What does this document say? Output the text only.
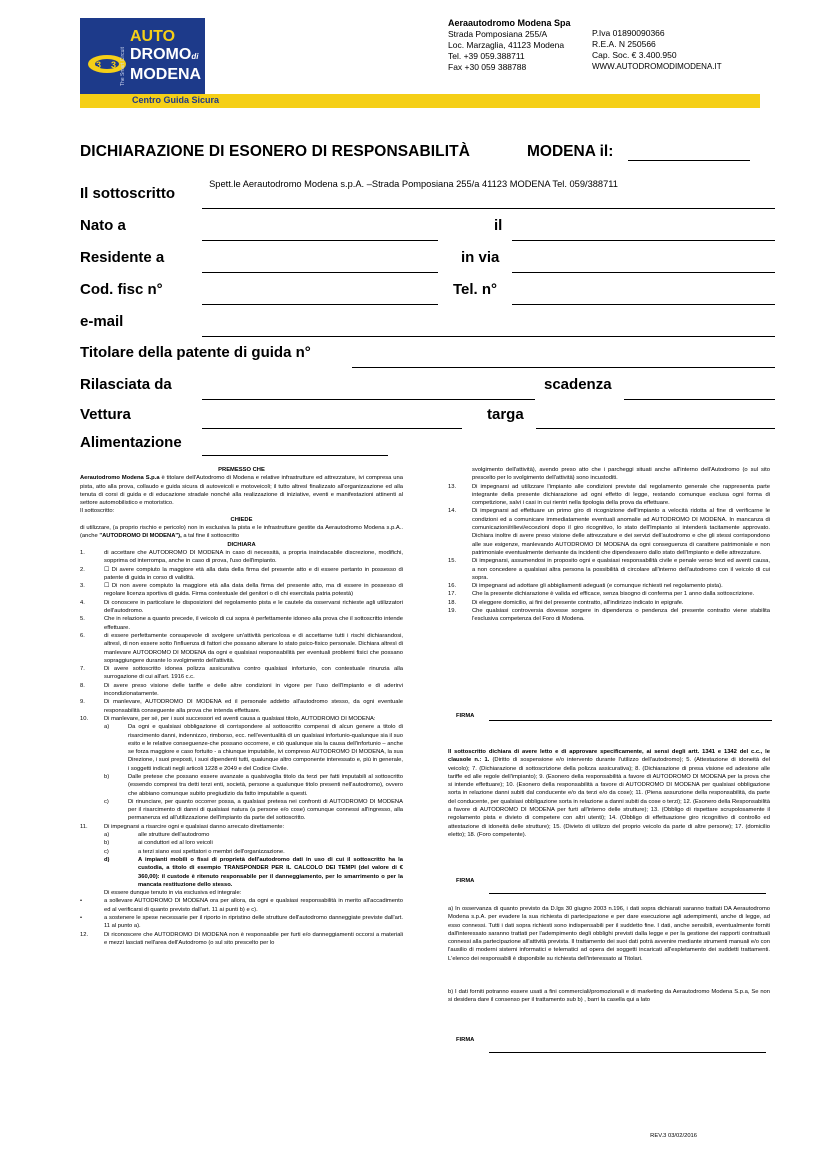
3 3 The Smart Circuit
AUTO
DROMOdi
MODENA
Centro Guida Sicura
Aeraautodromo Modena Spa
Strada Pomposiana 255/A
Loc. Marzaglia, 41123 Modena
Tel. +39 059.388711
Fax +30 059 388788
P.Iva 01890090366
R.E.A. N 250566
Cap. Soc. € 3.400.950
WWW.AUTODROMODIMODENA.IT
DICHIARAZIONE DI ESONERO DI RESPONSABILITÀ	MODENA il:
Spett.le Aerautodromo Modena s.p.A. –Strada Pomposiana 255/a 41123 MODENA Tel. 059/388711
Il sottoscritto
Nato a	il
Residente a	in via
Cod. fisc n°	Tel. n°
e-mail
Titolare della patente di guida n°
Rilasciata da	scadenza
Vettura	targa
Alimentazione

PREMESSO CHE

Aerautodromo Modena S.p.a è titolare dell'Autodromo di Modena e relative infrastrutture ed attrezzature, ivi compresa una pista, atto alla prova, collaudo e guida sicura di autoveicoli e motoveicoli; il tutto altresì finalizzato all'organizzazione ed alla tenuta di corsi di guida e di educazione stradale nonché alla realizzazione di iniziative, eventi e manifestazioni attinenti al settore automobilistico e motoristico.

Il sottoscritto:

CHIEDE

di utilizzare, (a proprio rischio e pericolo) non in esclusiva la pista e le infrastrutture gestite da Aerautodromo Modena s.p.A.. (anche "AUTODROMO DI MODENA"), a tal fine il sottoscritto

DICHIARA

1.	di accettare che AUTODROMO DI MODENA in caso di necessità, a propria insindacabile discrezione, modifichi, sopprima od interrompa, anche in caso di prova, l'uso dell'impianto.
2.	☐ Di avere compiuto la maggiore età alla data della firma del presente atto e di essere pertanto in possesso di patente di guida in corso di validità.
3.	☐ Di non avere compiuto la maggiore età alla data della firma del presente atto, ma di essere in possesso di regolare licenza sportiva di guida. Firma contestuale del genitori o di chi esercitala patria potestà)
4.	Di conoscere in particolare le disposizioni del regolamento pista e le cautele da osservarsi richieste agli utilizzatori dell'autodromo.
5.	Che in relazione a quanto precede, il veicolo di cui sopra è perfettamente idoneo alla prova che il sottoscritto intende effettuare.
6.	di essere perfettamente consapevole di svolgere un'attività pericolosa e di accettarne tutti i rischi dichiarandosi, altresì, di non essere sotto l'influenza di fattori che possano alterare lo stato psico-fisico personale. Dichiara altresì di manlevare AUTODROMO DI MODENA da ogni e qualsiasi responsabilità per eventuali problemi fisici che possano sopraggiungere durante lo svolgimento dell'attività.
7.	Di avere sottoscritto idonea polizza assicurativa contro qualsiasi infortunio, con contestuale rinunzia alla surrogazione di cui all'art. 1916 c.c.
8.	Di avere preso visione delle tariffe e delle altre condizioni in vigore per l'uso dell'Impianto e di aderirvi incondizionatamente.
9.	Di manlevare, AUTODROMO DI MODENA ed il personale addetto all'autodromo stesso, da ogni eventuale responsabilità conseguente alla prova che intenda effettuare.
10.	Di manlevare, per sé, per i suoi successori ed aventi causa a qualsiasi titolo, AUTODROMO DI MODENA:
a)	Da ogni e qualsiasi obbligazione di corrispondere al sottoscritto compensi di alcun genere a titolo di risarcimento danni, indennizzo, rimborso, ecc. nell'eventualità di un qualsiasi infortunio-qualunque sia il suo esito e le relative conseguenze-che possano occorrere, e ciò qualunque sia la causa dell'infortunio – anche se forza maggiore e caso fortuito - a chiunque imputabile, ivi compreso AUTODROMO DI MODENA, la sua Direzione, i suoi preposti, i suoi dipendenti tutti, qualunque altro componente interessato e, più in generale, i soggetti indicati negli articoli 1228 e 2049 e del Codice Civile.
b)	Dalle pretese che possano essere avanzate a qualsivoglia titolo da terzi per fatti imputabili al sottoscritto (essendo compresi tra detti terzi enti, società, persone a qualunque titolo presenti nell'autodromo), ovvero che abbiano comunque subito pregiudizio da fatto imputabile a questi.
c)	Di rinunciare, per quanto occorrer possa, a qualsiasi pretesa nei confronti di AUTODROMO DI MODENA per il risarcimento di danni di qualsiasi natura (a persone e/o cose) comunque connessi all'ingresso, alla permanenza ed all'utilizzazione dell'impianto da parte del sottoscritto.
11.	Di impegnarsi a risarcire ogni e qualsiasi danno arrecato direttamente:
a)	alle strutture dell'autodromo
b)	ai conduttori ed al loro veicoli
c)	a terzi siano essi spettatori o membri dell'organizzazione.
d)	A impianti mobili o fissi di proprietà dell'autodromo dati in uso di cui il sottoscritto ha la custodia, a titolo di esempio TRANSPONDER PER IL CALCOLO DEI TEMPI (del valore di € 360,00): il custode è ritenuto responsabile per il danneggiamento, per lo smarrimento o per la mancata restituzione dello stesso.

Di essere dunque tenuto in via esclusiva ed integrale:

•	a sollevare AUTODROMO DI MODENA ora per allora, da ogni e qualsiasi responsabilità in merito all'accadimento ed al verificarsi di quanto previsto dall'art. 11 ai punti b) e c).
•	a sostenere le spese necessarie per il riporto in ripristino delle strutture dell'autodromo danneggiate previste dall'art. 11 al punto a).
12.	Di riconoscere che AUTODROMO DI MODENA non è responsabile per furti e/o danneggiamenti occorsi a materiali e mezzi lasciati nell'area dell'Autodromo (o sul sito prescelto per lo
svolgimento dell'attività), avendo preso atto che i parcheggi situati anche all'interno dell'Autodromo (o sul sito prescelto per lo svolgimento dell'attività) sono incustoditi.
13.	Di impegnarsi ad utilizzare l'impianto alle condizioni previste dal regolamento generale che rappresenta parte integrante della presente dichiarazione ad ogni effetto di legge, restando comunque esclusa ogni forma di competizione, salvi i casi in cui rientri nella tipologia della prova da effettuare.
14.	Di impegnarsi ad effettuare un primo giro di ricognizione dell'impianto a velocità ridotta al fine di verificarne le condizioni ed a comunicare immediatamente eventuali anomalie ad AUTODROMO DI MODENA. In mancanza di comunicazioni/rilievi/eccezioni dopo il giro ricognitivo, lo stato dell'Impianto si intenderà tacitamente approvato. Dichiara inoltre di avere preso visione delle attrezzature e dei servizi dell'autodromo e che gli stessi corrispondono alle sue esigenze, manlevando AUTODROMO DI MODENA da ogni conseguenza di carattere patrimoniale e non patrimoniale eventualmente derivante da incidenti che dipendessero dallo stato dell'Impianto e delle attrezzature.
15.	Di impegnarsi, assumendosi in proposito ogni e qualsiasi responsabilità civile e penale verso terzi ed aventi causa, a non concedere a qualsiasi altra persona la possibilità di circolare all'interno dell'autodromo con il veicolo di cui sopra.
16.	Di impegnarsi ad adottare gli abbigliamenti adeguati (e comunque richiesti nel regolamento pista).
17.	Che la presente dichiarazione è valida ed efficace, senza bisogno di conferma per 1 anno dalla sottoscrizione.
18.	Di eleggere domicilio, ai fini del presente contratto, all'indirizzo indicato in epigrafe.
19.	Che qualsiasi controversia dovesse sorgere in dipendenza o pendenza del presente contratto viene stabilita l'esclusiva competenza del Foro di Modena.
FIRMA
Il sottoscritto dichiara di avere letto e di approvare specificamente, ai sensi degli artt. 1341 e 1342 del c.c., le clausole n.: 1. (Diritto di sospensione e/o intervento durante l'utilizzo dell'autodromo); 5. (Attestazione di idoneità del veicolo); 7. (Dichiarazione di sottoscrizione della polizza assicurativa); 8. (Dichiarazione di presa visione ed adesione alle tariffe ed alle regole dell'impianto); 9. (Esonero della responsabilità a favore di AUTODROMO DI MODENA per la prova che si intende effettuare); 10. (Esonero della responsabilità a favore di AUTODROMO DI MODENA per qualsiasi obbligazione sorta in relazione danni subiti dal conducente e/o da terzi e/o da cose); 11. (Piena assunzione della responsabilità, da parte del conducente, per qualsiasi obbligazione sorta in relazione a danni subiti da cose o terzi); 12. (Esonero della Responsabilità a favore di AUTODROMO DI MODENA per furti all'interno delle strutture); 13. (Obbligo di rispettare scrupolosamente il regolamento pista e divieto di competere con altri utenti); 14. (Obbligo di effettuazione giro ricognitivo di controllo ed attestazione di idoneità delle strutture); 15. (Divieto di utilizzo del proprio veicolo da parte di altre persone); 17. (domicilio eletto); 18. (Foro competente).
FIRMA
a) In osservanza di quanto previsto da D.lgs 30 giugno 2003 n.196, i dati sopra dichiarati saranno trattati DA Aerautodromo Modena s.p.A. per evadere la sua richiesta di partecipazione e per dare esecuzione agli adempimenti, anche di legge, ad esso connessi. Tutti i dati sopra richiesti sono indispensabili per il suddetto fine. I dati, anche sensibili, eventualmente forniti dall'interessato saranno trattati per l'adempimento degli obblighi previsti dalla legge e per la gestione dei rapporti contrattuali connessi alla partecipazione all'attività prevista. Il trattamento dei suoi dati potrà avvenire mediante strumenti manuali e/o con l'ausilio di moderni sistemi informatici e telematici ad opera dei soggetti incaricati all'espletamento dei suddetti trattamenti. L'elenco dei responsabili è disponibile su richiesta dell'interessato ai Titolari.
b) I dati forniti potranno essere usati a fini commerciali/promozionali e di marketing da Aerautodromo Modena S.p.a, Se non si desidera dare il consenso per il trattamento sub b) , barri la casella qui a lato
FIRMA
REV.3 03/02/2016
